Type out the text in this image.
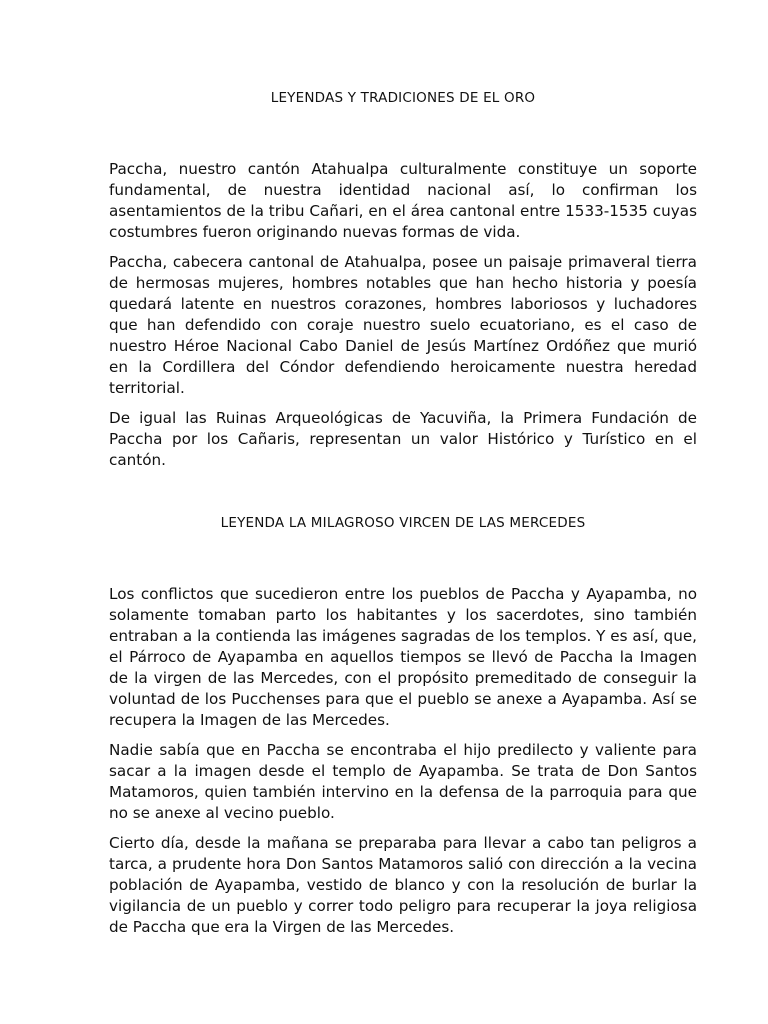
LEYENDAS Y TRADICIONES DE EL ORO

Paccha, nuestro cantón Atahualpa culturalmente constituye un soporte fundamental, de nuestra identidad nacional así, lo confirman los asentamientos de la tribu Cañari, en el área cantonal entre 1533-1535 cuyas costumbres fueron originando nuevas formas de vida.

Paccha, cabecera cantonal de Atahualpa, posee un paisaje primaveral tierra de hermosas mujeres, hombres notables que han hecho historia y poesía quedará latente en nuestros corazones, hombres laboriosos y luchadores que han defendido con coraje nuestro suelo ecuatoriano, es el caso de nuestro Héroe Nacional Cabo Daniel de Jesús Martínez Ordóñez que murió en la Cordillera del Cóndor defendiendo heroicamente nuestra heredad territorial.

De igual las Ruinas Arqueológicas de Yacuviña, la Primera Fundación de Paccha por los Cañaris, representan un valor Histórico y Turístico en el cantón.

LEYENDA LA MILAGROSO VIRCEN DE LAS MERCEDES

Los conflictos que sucedieron entre los pueblos de Paccha y Ayapamba, no solamente tomaban parto los habitantes y los sacerdotes, sino también entraban a la contienda las imágenes sagradas de los templos. Y es así, que, el Párroco de Ayapamba en aquellos tiempos se llevó de Paccha la Imagen de la virgen de las Mercedes, con el propósito premeditado de conseguir la voluntad de los Pucchenses para que el pueblo se anexe a Ayapamba. Así se recupera la Imagen de las Mercedes.

Nadie sabía que en Paccha se encontraba el hijo predilecto y valiente para sacar a la imagen desde el templo de Ayapamba. Se trata de Don Santos Matamoros, quien también intervino en la defensa de la parroquia para que no se anexe al vecino pueblo.

Cierto día, desde la mañana se preparaba para llevar a cabo tan peligros a tarca, a prudente hora Don Santos Matamoros salió con dirección a la vecina población de Ayapamba, vestido de blanco y con la resolución de burlar la vigilancia de un pueblo y correr todo peligro para recuperar la joya religiosa de Paccha que era la Virgen de las Mercedes.
